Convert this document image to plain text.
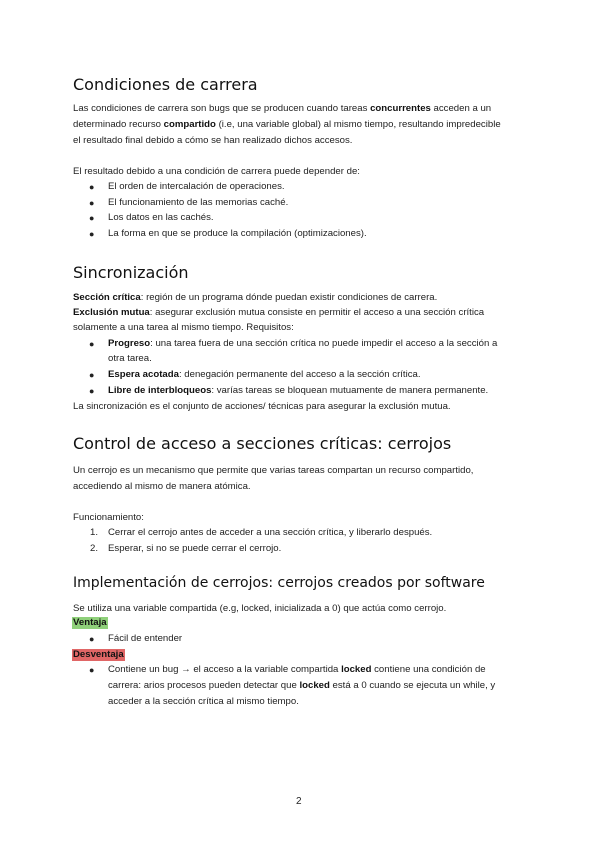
Condiciones de carrera
Las condiciones de carrera son bugs que se producen cuando tareas concurrentes acceden a un
determinado recurso compartido (i.e, una variable global) al mismo tiempo, resultando impredecible
el resultado final debido a cómo se han realizado dichos accesos.
El resultado debido a una condición de carrera puede depender de:
● El orden de intercalación de operaciones.
● El funcionamiento de las memorias caché.
● Los datos en las cachés.
● La forma en que se produce la compilación (optimizaciones).
Sincronización
Sección crítica: región de un programa dónde puedan existir condiciones de carrera.
Exclusión mutua: asegurar exclusión mutua consiste en permitir el acceso a una sección crítica
solamente a una tarea al mismo tiempo. Requisitos:
● Progreso: una tarea fuera de una sección crítica no puede impedir el acceso a la sección a
otra tarea.
● Espera acotada: denegación permanente del acceso a la sección crítica.
● Libre de interbloqueos: varías tareas se bloquean mutuamente de manera permanente.
La sincronización es el conjunto de acciones/ técnicas para asegurar la exclusión mutua.
Control de acceso a secciones críticas: cerrojos
Un cerrojo es un mecanismo que permite que varias tareas compartan un recurso compartido,
accediendo al mismo de manera atómica.
Funcionamiento:
1. Cerrar el cerrojo antes de acceder a una sección crítica, y liberarlo después.
2. Esperar, si no se puede cerrar el cerrojo.
Implementación de cerrojos: cerrojos creados por software
Se utiliza una variable compartida (e.g, locked, inicializada a 0) que actúa como cerrojo.
Ventaja
● Fácil de entender
Desventaja
● Contiene un bug → el acceso a la variable compartida locked contiene una condición de
carrera: arios procesos pueden detectar que locked está a 0 cuando se ejecuta un while, y
acceder a la sección crítica al mismo tiempo.
2
